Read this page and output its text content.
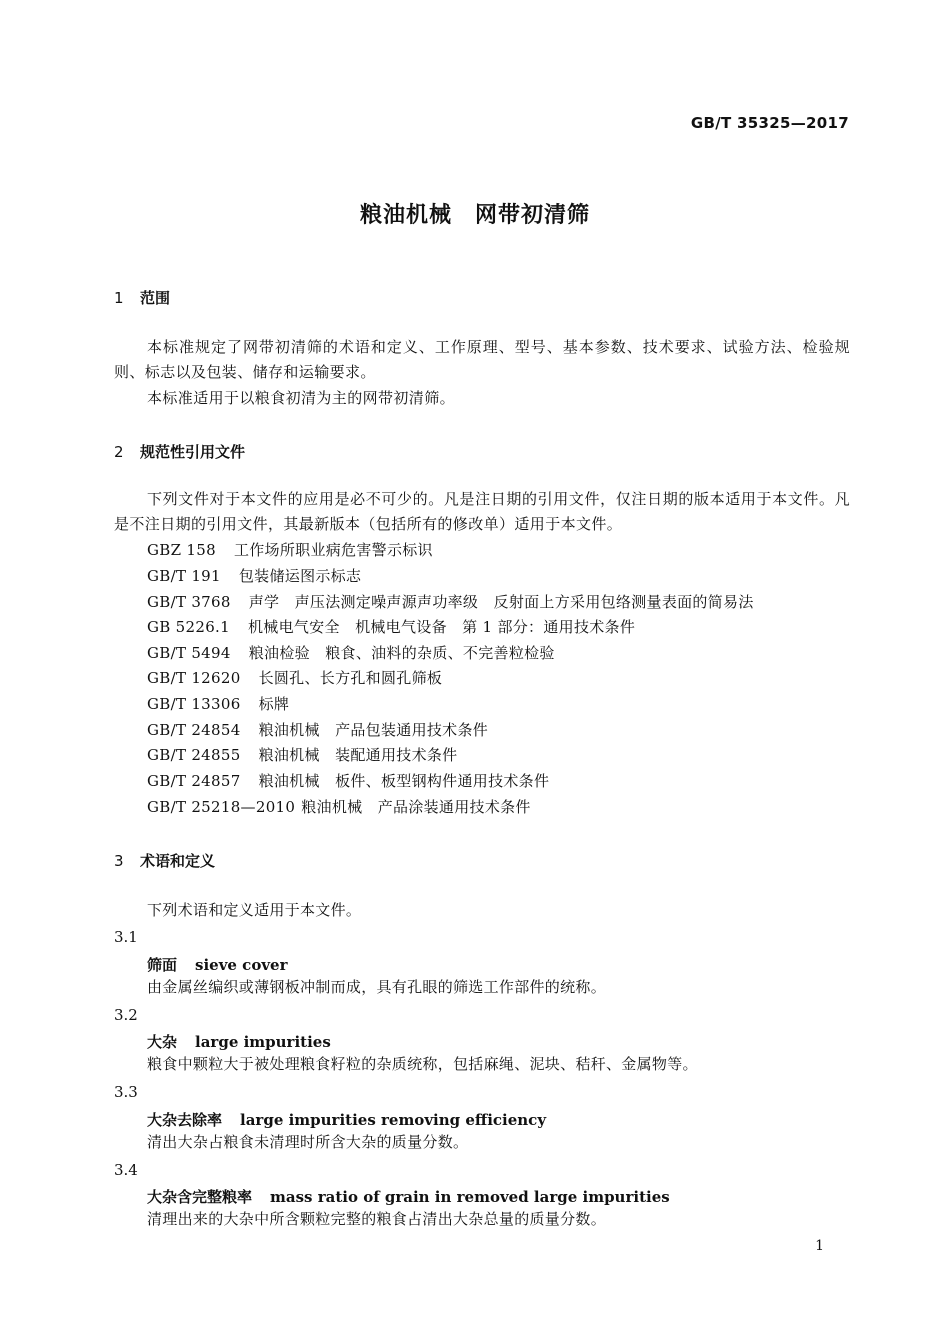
GB/T 35325—2017
粮油机械　网带初清筛
1 范围
本标准规定了网带初清筛的术语和定义、工作原理、型号、基本参数、技术要求、试验方法、检验规则、标志以及包装、储存和运输要求。
本标准适用于以粮食初清为主的网带初清筛。
2 规范性引用文件
下列文件对于本文件的应用是必不可少的。凡是注日期的引用文件，仅注日期的版本适用于本文件。凡是不注日期的引用文件，其最新版本（包括所有的修改单）适用于本文件。
GBZ 158 工作场所职业病危害警示标识
GB/T 191 包装储运图示标志
GB/T 3768 声学　声压法测定噪声源声功率级　反射面上方采用包络测量表面的简易法
GB 5226.1 机械电气安全　机械电气设备　第 1 部分：通用技术条件
GB/T 5494 粮油检验　粮食、油料的杂质、不完善粒检验
GB/T 12620 长圆孔、长方孔和圆孔筛板
GB/T 13306 标牌
GB/T 24854 粮油机械　产品包装通用技术条件
GB/T 24855 粮油机械　装配通用技术条件
GB/T 24857 粮油机械　板件、板型钢构件通用技术条件
GB/T 25218—2010 粮油机械　产品涂装通用技术条件
3 术语和定义
下列术语和定义适用于本文件。
3.1
筛面 sieve cover
由金属丝编织或薄钢板冲制而成，具有孔眼的筛选工作部件的统称。
3.2
大杂 large impurities
粮食中颗粒大于被处理粮食籽粒的杂质统称，包括麻绳、泥块、秸秆、金属物等。
3.3
大杂去除率 large impurities removing efficiency
清出大杂占粮食未清理时所含大杂的质量分数。
3.4
大杂含完整粮率 mass ratio of grain in removed large impurities
清理出来的大杂中所含颗粒完整的粮食占清出大杂总量的质量分数。
1
